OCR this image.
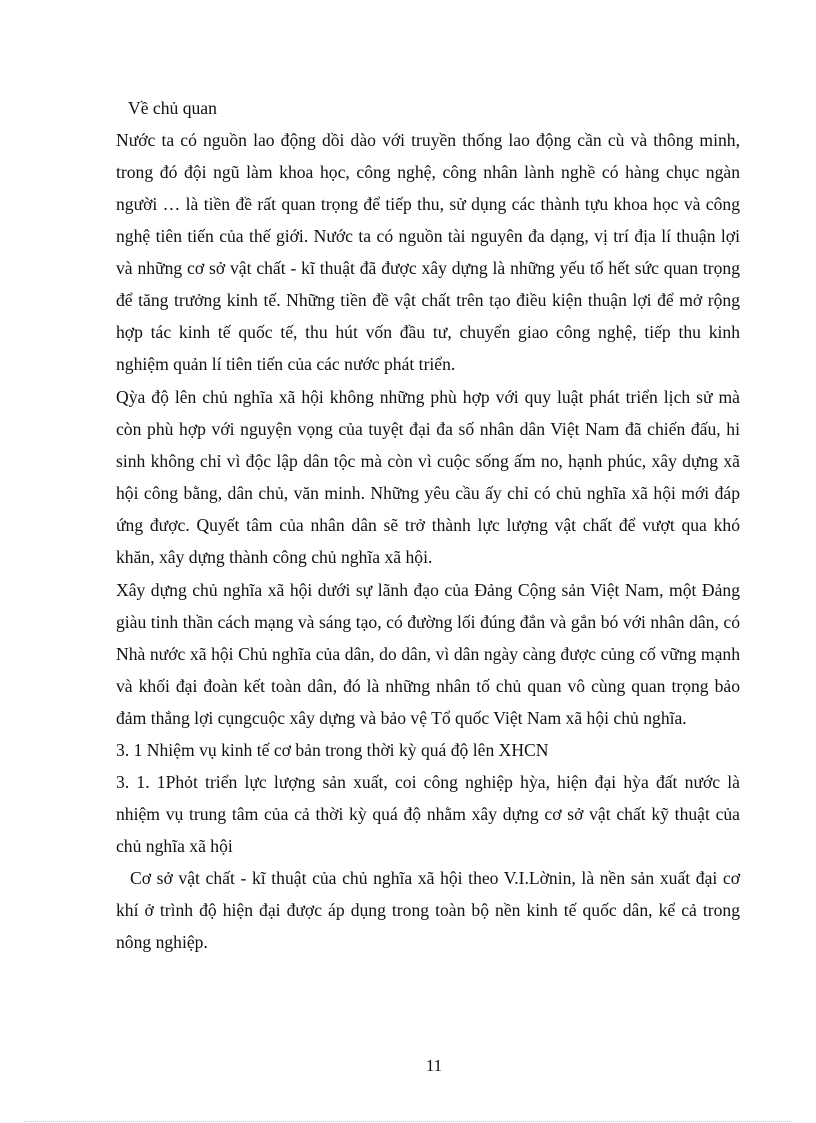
Về chủ quan

Nước ta có nguồn lao động dồi dào với truyền thống lao động cần cù và thông minh, trong đó đội ngũ làm khoa học, công nghệ, công nhân lành nghề có hàng chục ngàn người … là tiền đề rất quan trọng để tiếp thu, sử dụng các thành tựu khoa học và công nghệ tiên tiến của thế giới. Nước ta có nguồn tài nguyên đa dạng, vị trí địa lí thuận lợi và những cơ sở vật chất - kĩ thuật đã được xây dựng là những yếu tố hết sức quan trọng để tăng trưởng kinh tế. Những tiền đề vật chất trên tạo điều kiện thuận lợi để mở rộng hợp tác kinh tế quốc tế, thu hút vốn đầu tư, chuyển giao công nghệ, tiếp thu kinh nghiệm quản lí tiên tiến của các nước phát triển.

Qỳa độ lên chủ nghĩa xã hội không những phù hợp với quy luật phát triển lịch sử mà còn phù hợp với nguyện vọng của tuyệt đại đa số nhân dân Việt Nam đã chiến đấu, hi sinh không chỉ vì độc lập dân tộc mà còn vì cuộc sống ấm no, hạnh phúc, xây dựng xã hội công bằng, dân chủ, văn minh. Những yêu cầu ấy chỉ có chủ nghĩa xã hội mới đáp ứng được. Quyết tâm của nhân dân sẽ trở thành lực lượng vật chất để vượt qua khó khăn, xây dựng thành công chủ nghĩa xã hội.

Xây dựng chủ nghĩa xã hội dưới sự lãnh đạo của Đảng Cộng sản Việt Nam, một Đảng giàu tinh thần cách mạng và sáng tạo, có đường lối đúng đắn và gắn bó với nhân dân, có Nhà nước xã hội Chủ nghĩa của dân, do dân, vì dân ngày càng được củng cố vững mạnh và khối đại đoàn kết toàn dân, đó là những nhân tố chủ quan vô cùng quan trọng bảo đảm thắng lợi cụngcuộc xây dựng và bảo vệ Tổ quốc Việt Nam xã hội chủ nghĩa.

3. 1 Nhiệm vụ kinh tế cơ bản trong thời kỳ quá độ lên XHCN

3. 1. 1Phỏt triển lực lượng sản xuất, coi công nghiệp hỳa, hiện đại hỳa đất nước là nhiệm vụ trung tâm của cả thời kỳ quá độ nhằm xây dựng cơ sở vật chất kỹ thuật của chủ nghĩa xã hội

Cơ sở vật chất - kĩ thuật của chủ nghĩa xã hội theo V.I.Lờnin, là nền sản xuất đại cơ khí ở trình độ hiện đại được áp dụng trong toàn bộ nền kinh tế quốc dân, kể cả trong nông nghiệp.

11
